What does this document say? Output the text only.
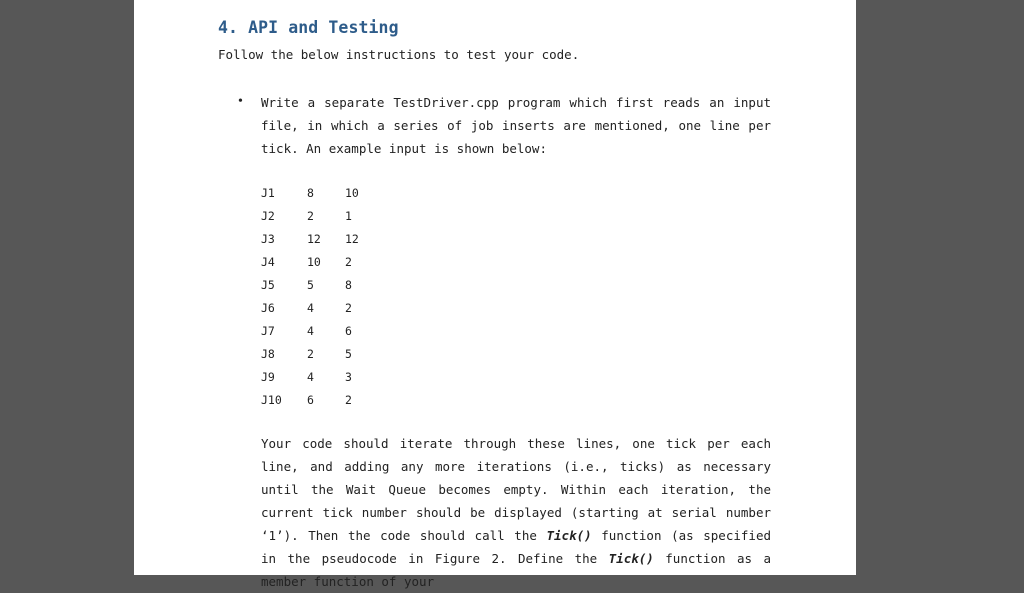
4. API and Testing
Follow the below instructions to test your code.
• Write a separate TestDriver.cpp program which first reads an input file, in which a series of job inserts are mentioned, one line per tick. An example input is shown below:
J1	8	10
J2	2	1
J3	12	12
J4	10	2
J5	5	8
J6	4	2
J7	4	6
J8	2	5
J9	4	3
J10	6	2
Your code should iterate through these lines, one tick per each line, and adding any more iterations (i.e., ticks) as necessary until the Wait Queue becomes empty. Within each iteration, the current tick number should be displayed (starting at serial number ‘1’). Then the code should call the Tick() function (as specified in the pseudocode in Figure 2. Define the Tick() function as a member function of your
